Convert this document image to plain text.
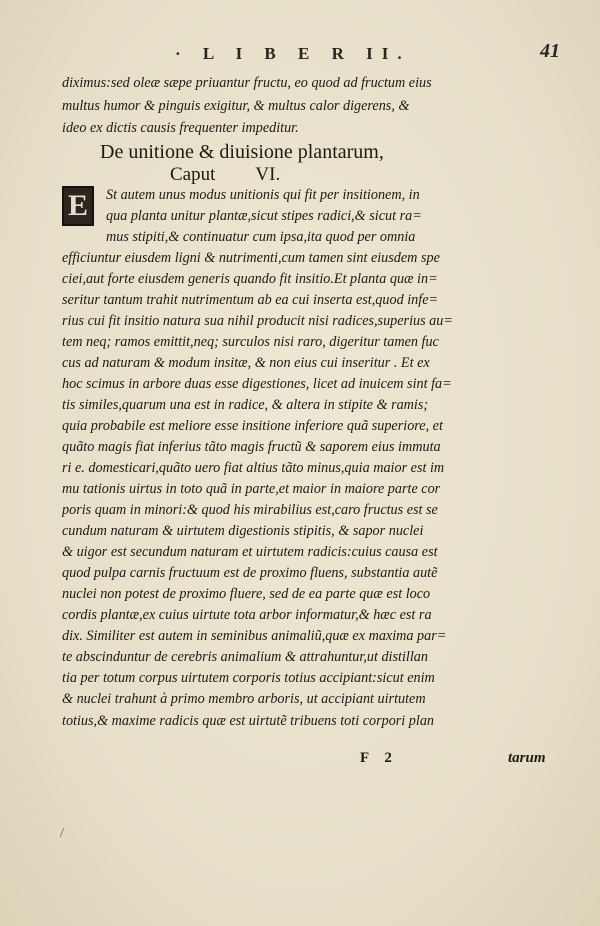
· L I B E R II.	41
diximus:sed oleæ sæpe priuantur fructu, eo quod ad fructum eius
multus humor & pinguis exigitur, & multus calor digerens, &
ideo ex dictis causis frequenter impeditur.
De unitione & diuisione plantarum,
Caput VI.
E	St autem unus modus unitionis qui fit per insitionem, in
qua planta unitur plantæ,sicut stipes radici,& sicut ra=
mus stipiti,& continuatur cum ipsa,ita quod per omnia
efficiuntur eiusdem ligni & nutrimenti,cum tamen sint eiusdem spe
ciei,aut forte eiusdem generis quando fit insitio.Et planta quæ in=
seritur tantum trahit nutrimentum ab ea cui inserta est,quod infe=
rius cui fit insitio natura sua nihil producit nisi radices,superius au=
tem neq; ramos emittit,neq; surculos nisi raro, digeritur tamen fuc
cus ad naturam & modum insitæ, & non eius cui inseritur . Et ex
hoc scimus in arbore duas esse digestiones, licet ad inuicem sint fa=
tis similes,quarum una est in radice, & altera in stipite & ramis;
quia probabile est meliore esse insitione inferiore quã superiore, et
quãto magis fiat inferius tãto magis fructũ & saporem eius immuta
ri e. domesticari,quãto uero fiat altius tãto minus,quia maior est im
mu tationis uirtus in toto quã in parte,et maior in maiore parte cor
poris quam in minori:& quod his mirabilius est,caro fructus est se
cundum naturam & uirtutem digestionis stipitis, & sapor nuclei
& uigor est secundum naturam et uirtutem radicis:cuius causa est
quod pulpa carnis fructuum est de proximo fluens, substantia autẽ
nuclei non potest de proximo fluere, sed de ea parte quæ est loco
cordis plantæ,ex cuius uirtute tota arbor informatur,& hæc est ra
dix. Similiter est autem in seminibus animaliũ,quæ ex maxima par=
te abscinduntur de cerebris animalium & attrahuntur,ut distillan
tia per totum corpus uirtutem corporis totius accipiant:sicut enim
& nuclei trahunt à primo membro arboris, ut accipiant uirtutem
totius,& maxime radicis quæ est uirtutẽ tribuens toti corpori plan
F 2	tarum
/
